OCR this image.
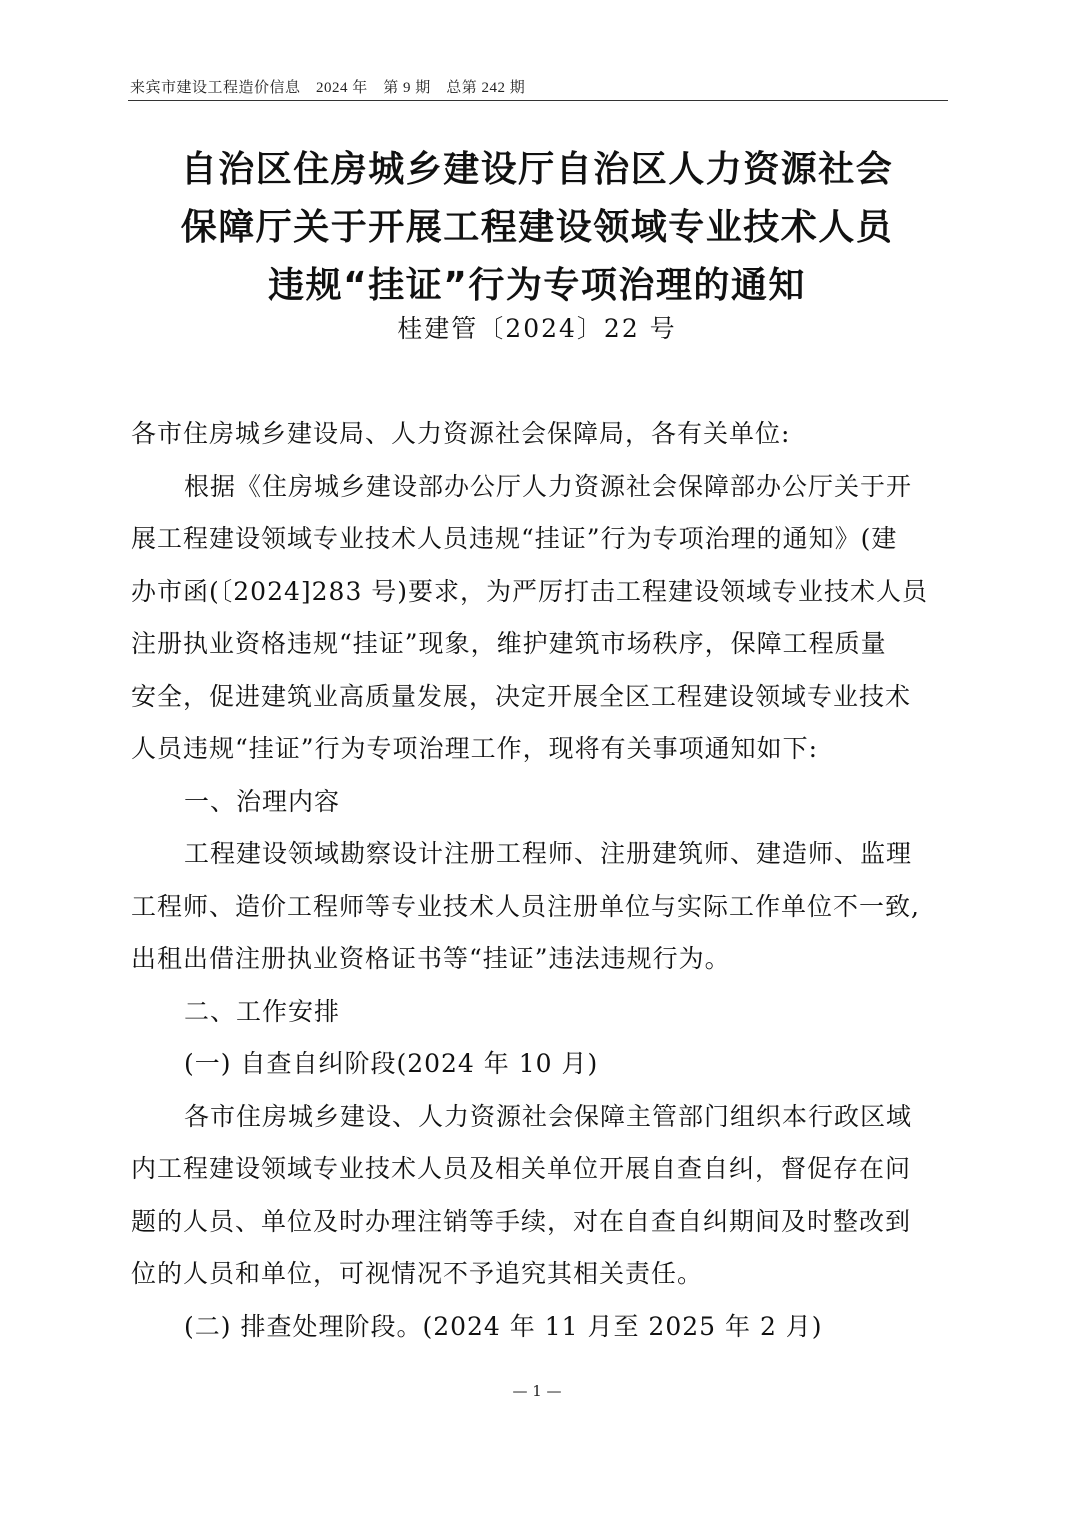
来宾市建设工程造价信息　2024 年　第 9 期　总第 242 期
自治区住房城乡建设厅自治区人力资源社会
保障厅关于开展工程建设领域专业技术人员
违规“挂证”行为专项治理的通知
桂建管〔2024〕22 号

各市住房城乡建设局、人力资源社会保障局，各有关单位:

根据《住房城乡建设部办公厅人力资源社会保障部办公厅关于开

展工程建设领域专业技术人员违规“挂证”行为专项治理的通知》(建

办市函(〔2024]283 号)要求，为严厉打击工程建设领域专业技术人员

注册执业资格违规“挂证”现象，维护建筑市场秩序，保障工程质量

安全，促进建筑业高质量发展，决定开展全区工程建设领域专业技术

人员违规“挂证”行为专项治理工作，现将有关事项通知如下:

一、治理内容

工程建设领域勘察设计注册工程师、注册建筑师、建造师、监理

工程师、造价工程师等专业技术人员注册单位与实际工作单位不一致,

出租出借注册执业资格证书等“挂证”违法违规行为。

二、工作安排

(一) 自查自纠阶段(2024 年 10 月)

各市住房城乡建设、人力资源社会保障主管部门组织本行政区域

内工程建设领域专业技术人员及相关单位开展自查自纠，督促存在问

题的人员、单位及时办理注销等手续，对在自查自纠期间及时整改到

位的人员和单位，可视情况不予追究其相关责任。

(二) 排查处理阶段。(2024 年 11 月至 2025 年 2 月)

— 1 —
